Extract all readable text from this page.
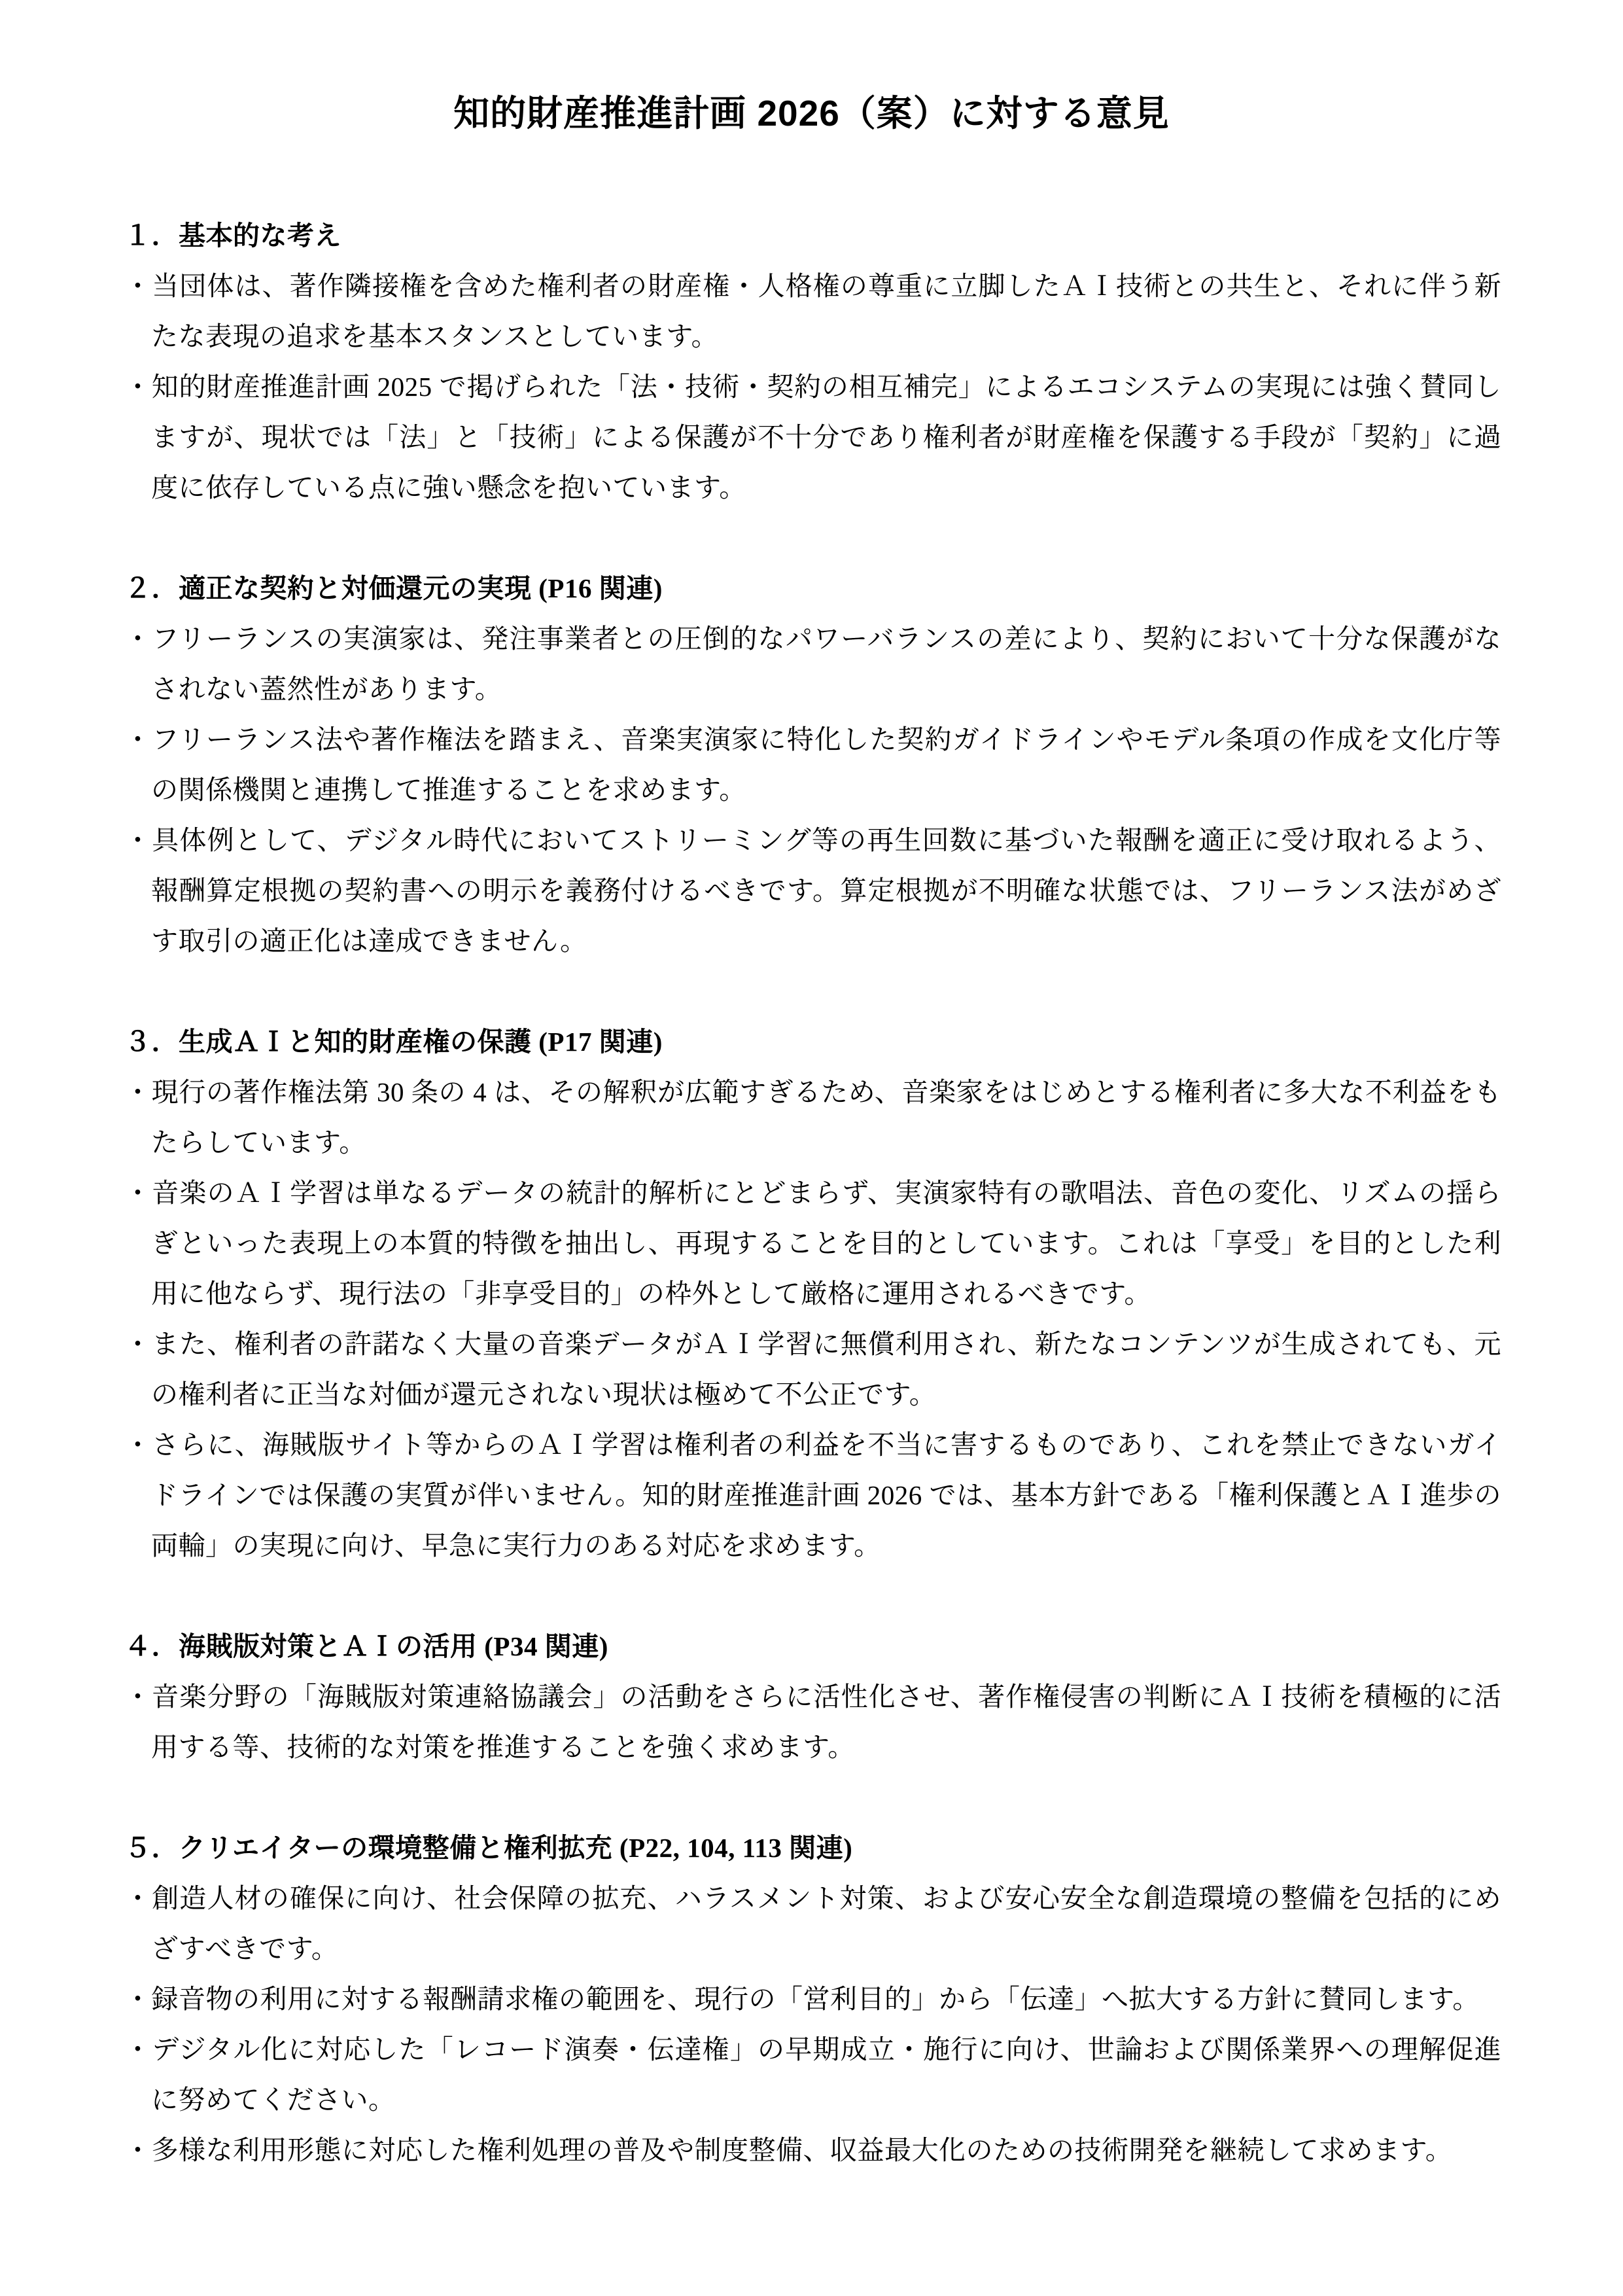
知的財産推進計画 2026（案）に対する意見
１．基本的な考え
・当団体は、著作隣接権を含めた権利者の財産権・人格権の尊重に立脚したＡＩ技術との共生と、それに伴う新たな表現の追求を基本スタンスとしています。
・知的財産推進計画 2025 で掲げられた「法・技術・契約の相互補完」によるエコシステムの実現には強く賛同しますが、現状では「法」と「技術」による保護が不十分であり権利者が財産権を保護する手段が「契約」に過度に依存している点に強い懸念を抱いています。
２．適正な契約と対価還元の実現 (P16 関連)
・フリーランスの実演家は、発注事業者との圧倒的なパワーバランスの差により、契約において十分な保護がなされない蓋然性があります。
・フリーランス法や著作権法を踏まえ、音楽実演家に特化した契約ガイドラインやモデル条項の作成を文化庁等の関係機関と連携して推進することを求めます。
・具体例として、デジタル時代においてストリーミング等の再生回数に基づいた報酬を適正に受け取れるよう、報酬算定根拠の契約書への明示を義務付けるべきです。算定根拠が不明確な状態では、フリーランス法がめざす取引の適正化は達成できません。
３．生成ＡＩと知的財産権の保護 (P17 関連)
・現行の著作権法第 30 条の 4 は、その解釈が広範すぎるため、音楽家をはじめとする権利者に多大な不利益をもたらしています。
・音楽のＡＩ学習は単なるデータの統計的解析にとどまらず、実演家特有の歌唱法、音色の変化、リズムの揺らぎといった表現上の本質的特徴を抽出し、再現することを目的としています。これは「享受」を目的とした利用に他ならず、現行法の「非享受目的」の枠外として厳格に運用されるべきです。
・また、権利者の許諾なく大量の音楽データがＡＩ学習に無償利用され、新たなコンテンツが生成されても、元の権利者に正当な対価が還元されない現状は極めて不公正です。
・さらに、海賊版サイト等からのＡＩ学習は権利者の利益を不当に害するものであり、これを禁止できないガイドラインでは保護の実質が伴いません。知的財産推進計画 2026 では、基本方針である「権利保護とＡＩ進歩の両輪」の実現に向け、早急に実行力のある対応を求めます。
４．海賊版対策とＡＩの活用 (P34 関連)
・音楽分野の「海賊版対策連絡協議会」の活動をさらに活性化させ、著作権侵害の判断にＡＩ技術を積極的に活用する等、技術的な対策を推進することを強く求めます。
５．クリエイターの環境整備と権利拡充 (P22, 104, 113 関連)
・創造人材の確保に向け、社会保障の拡充、ハラスメント対策、および安心安全な創造環境の整備を包括的にめざすべきです。
・録音物の利用に対する報酬請求権の範囲を、現行の「営利目的」から「伝達」へ拡大する方針に賛同します。
・デジタル化に対応した「レコード演奏・伝達権」の早期成立・施行に向け、世論および関係業界への理解促進に努めてください。
・多様な利用形態に対応した権利処理の普及や制度整備、収益最大化のための技術開発を継続して求めます。
